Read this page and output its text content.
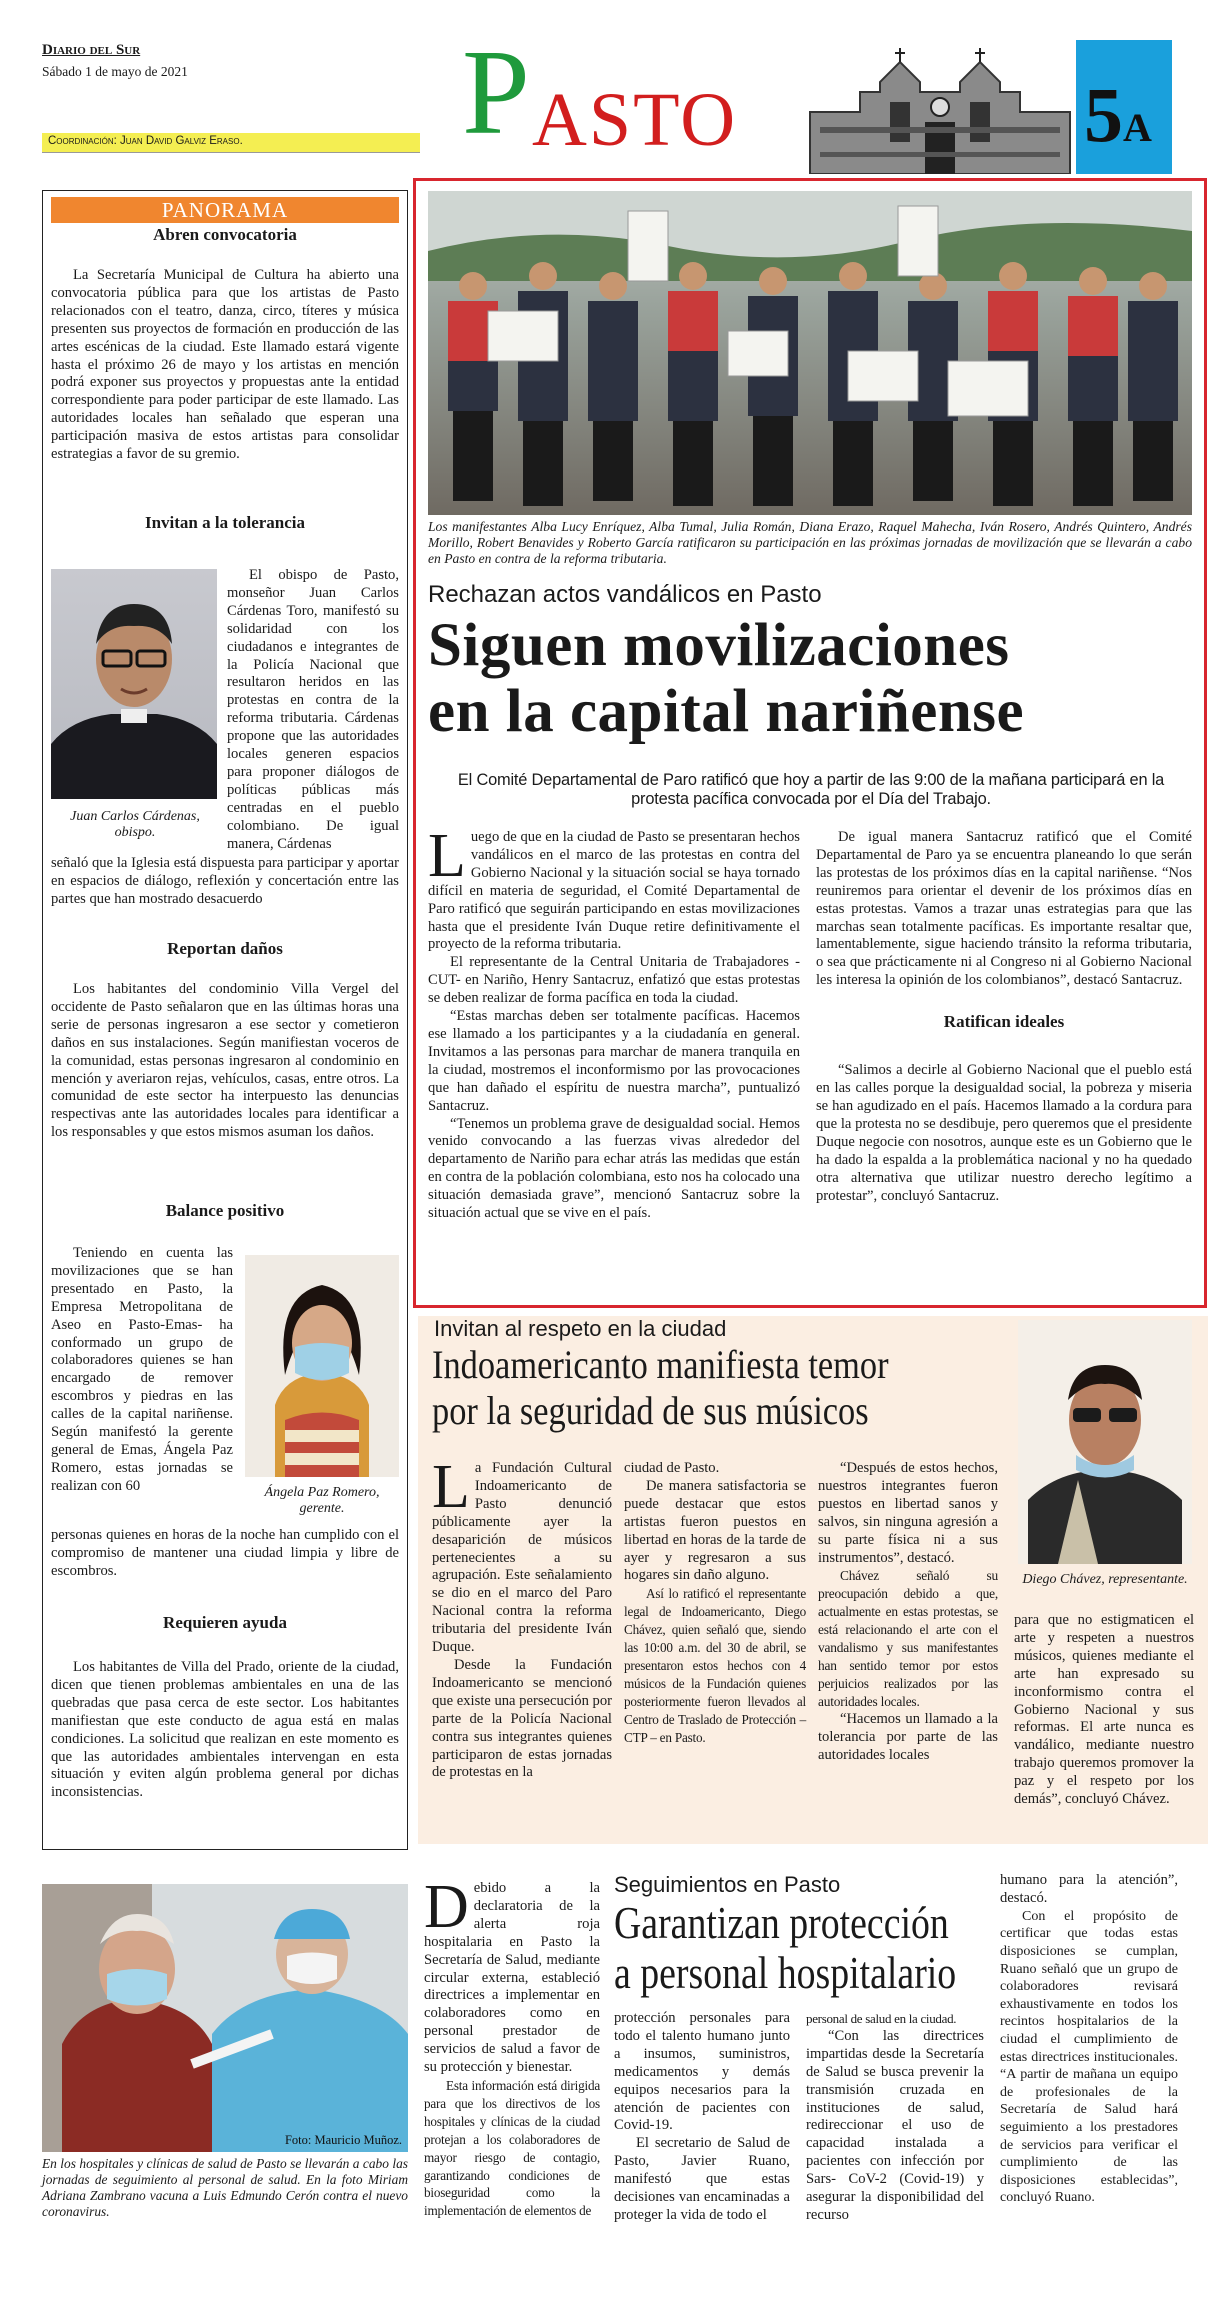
Diario del Sur
Sábado 1 de mayo de 2021
Coordinación: Juan David Galviz Eraso. P ASTO	5A
PANORAMA
Abren convocatoria

La Secretaría Municipal de Cultura ha abierto una convocatoria pública para que los artistas de Pasto relacionados con el teatro, danza, circo, títeres y música presenten sus proyectos de formación en producción de las artes escénicas de la ciudad. Este llamado estará vigente hasta el próximo 26 de mayo y los artistas en mención podrá exponer sus proyectos y propuestas ante la entidad correspondiente para poder participar de este llamado. Las autoridades locales han señalado que esperan una participación masiva de estos artistas para consolidar estrategias a favor de su gremio.

Invitan a la tolerancia
Juan Carlos Cárdenas, obispo.

El obispo de Pasto, monseñor Juan Carlos Cárdenas Toro, manifestó su solidaridad con los ciudadanos e integrantes de la Policía Nacional que resultaron heridos en las protestas en contra de la reforma tributaria. Cárdenas propone que las autoridades locales generen espacios para proponer diálogos de políticas públicas más centradas en el pueblo colombiano. De igual manera, Cárdenas

señaló que la Iglesia está dispuesta para participar y aportar en espacios de diálogo, reflexión y concertación entre las partes que han mostrado desacuerdo

Reportan daños

Los habitantes del condominio Villa Vergel del occidente de Pasto señalaron que en las últimas horas una serie de personas ingresaron a ese sector y cometieron daños en sus instalaciones. Según manifiestan voceros de la comunidad, estas personas ingresaron al condominio en mención y averiaron rejas, vehículos, casas, entre otros. La comunidad de este sector ha interpuesto las denuncias respectivas ante las autoridades locales para identificar a los responsables y que estos mismos asuman los daños.

Balance positivo

Teniendo en cuenta las movilizaciones que se han presentado en Pasto, la Empresa Metropolitana de Aseo en Pasto-Emas- ha conformado un grupo de colaboradores quienes se han encargado de remover escombros y piedras en las calles de la capital nariñense. Según manifestó la gerente general de Emas, Ángela Paz Romero, estas jornadas se realizan con 60	Ángela Paz Romero, gerente.

personas quienes en horas de la noche han cumplido con el compromiso de mantener una ciudad limpia y libre de escombros.

Requieren ayuda

Los habitantes de Villa del Prado, oriente de la ciudad, dicen que tienen problemas ambientales en una de las quebradas que pasa cerca de este sector. Los habitantes manifiestan que este conducto de agua está en malas condiciones. La solicitud que realizan en este momento es que las autoridades ambientales intervengan en esta situación y eviten algún problema general por dichas inconsistencias.

Los manifestantes Alba Lucy Enríquez, Alba Tumal, Julia Román, Diana Erazo, Raquel Mahecha, Iván Rosero, Andrés Quintero, Andrés Morillo, Robert Benavides y Roberto García ratificaron su participación en las próximas jornadas de movilización que se llevarán a cabo en Pasto en contra de la reforma tributaria.
Rechazan actos vandálicos en Pasto
Siguen movilizaciones
en la capital nariñense
El Comité Departamental de Paro ratificó que hoy a partir de las 9:00 de la mañana participará en la protesta pacífica convocada por el Día del Trabajo.

Luego de que en la ciudad de Pasto se presentaran hechos vandálicos en el marco de las protestas en contra del Gobierno Nacional y la situación social se haya tornado difícil en materia de seguridad, el Comité Departamental de Paro ratificó que seguirán participando en estas movilizaciones hasta que el presidente Iván Duque retire definitivamente el proyecto de la reforma tributaria.

El representante de la Central Unitaria de Trabajadores -CUT- en Nariño, Henry Santacruz, enfatizó que estas protestas se deben realizar de forma pacífica en toda la ciudad.

“Estas marchas deben ser totalmente pacíficas. Hacemos ese llamado a los participantes y a la ciudadanía en general. Invitamos a las personas para marchar de manera tranquila en la ciudad, mostremos el inconformismo por las provocaciones que han dañado el espíritu de nuestra marcha”, puntualizó Santacruz.

“Tenemos un problema grave de desigualdad social. Hemos venido convocando a las fuerzas vivas alrededor del departamento de Nariño para echar atrás las medidas que están en contra de la población colombiana, esto nos ha colocado una situación demasiada grave”, mencionó Santacruz sobre la situación actual que se vive en el país.

De igual manera Santacruz ratificó que el Comité Departamental de Paro ya se encuentra planeando lo que serán las protestas de los próximos días en la capital nariñense. “Nos reuniremos para orientar el devenir de los próximos días en estas protestas. Vamos a trazar unas estrategias para que las marchas sean totalmente pacíficas. Es importante resaltar que, lamentablemente, sigue haciendo tránsito la reforma tributaria, o sea que prácticamente ni al Congreso ni al Gobierno Nacional les interesa la opinión de los colombianos”, destacó Santacruz.

Ratifican ideales

“Salimos a decirle al Gobierno Nacional que el pueblo está en las calles porque la desigualdad social, la pobreza y miseria se han agudizado en el país. Hacemos llamado a la cordura para que la protesta no se desdibuje, pero queremos que el presidente Duque negocie con nosotros, aunque este es un Gobierno que le ha dado la espalda a la problemática nacional y no ha quedado otra alternativa que utilizar nuestro derecho legítimo a protestar”, concluyó Santacruz.

Invitan al respeto en la ciudad
Indoamericanto manifiesta temor
por la seguridad de sus músicos

La Fundación Cultural Indoamericanto de Pasto denunció públicamente ayer la desaparición de músicos pertenecientes a su agrupación. Este señalamiento se dio en el marco del Paro Nacional contra la reforma tributaria del presidente Iván Duque.

Desde la Fundación Indoamericanto se mencionó que existe una persecución por parte de la Policía Nacional contra sus integrantes quienes participaron de estas jornadas de protestas en la

ciudad de Pasto.

De manera satisfactoria se puede destacar que estos artistas fueron puestos en libertad en horas de la tarde de ayer y regresaron a sus hogares sin daño alguno.

Así lo ratificó el representante legal de Indoamericanto, Diego Chávez, quien señaló que, siendo las 10:00 a.m. del 30 de abril, se presentaron estos hechos con 4 músicos de la Fundación quienes posteriormente fueron llevados al Centro de Traslado de Protección – CTP – en Pasto.

“Después de estos hechos, nuestros integrantes fueron puestos en libertad sanos y salvos, sin ninguna agresión a su parte física ni a sus instrumentos”, destacó.

Chávez señaló su preocupación debido a que, actualmente en estas protestas, se está relacionando el arte con el vandalismo y sus manifestantes han sentido temor por estos perjuicios realizados por las autoridades locales.

“Hacemos un llamado a la tolerancia por parte de las autoridades locales

Diego Chávez, representante.

para que no estigmaticen el arte y respeten a nuestros músicos, quienes mediante el arte han expresado su inconformismo contra el Gobierno Nacional y sus reformas. El arte nunca es vandálico, mediante nuestro trabajo queremos promover la paz y el respeto por los demás”, concluyó Chávez.

Foto: Mauricio Muñoz.
En los hospitales y clínicas de salud de Pasto se llevarán a cabo las jornadas de seguimiento al personal de salud. En la foto Miriam Adriana Zambrano vacuna a Luis Edmundo Cerón contra el nuevo coronavirus.

Debido a la declaratoria de la alerta roja hospitalaria en Pasto la Secretaría de Salud, mediante circular externa, estableció directrices a implementar en colaboradores como en personal prestador de servicios de salud a favor de su protección y bienestar.

Esta información está dirigida para que los directivos de los hospitales y clínicas de la ciudad protejan a los colaboradores de mayor riesgo de contagio, garantizando condiciones de bioseguridad como la implementación de elementos de

Seguimientos en Pasto
Garantizan protección
a personal hospitalario

protección personales para todo el talento humano junto a insumos, suministros, medicamentos y demás equipos necesarios para la atención de pacientes con Covid-19.

El secretario de Salud de Pasto, Javier Ruano, manifestó que estas decisiones van encaminadas a proteger la vida de todo el

personal de salud en la ciudad.

“Con las directrices impartidas desde la Secretaría de Salud se busca prevenir la transmisión cruzada en instituciones de salud, redireccionar el uso de capacidad instalada a pacientes con infección por Sars- CoV-2 (Covid-19) y asegurar la disponibilidad del recurso

humano para la atención”, destacó.

Con el propósito de certificar que todas estas disposiciones se cumplan, Ruano señaló que un grupo de colaboradores revisará exhaustivamente en todos los recintos hospitalarios de la ciudad el cumplimiento de estas directrices institucionales. “A partir de mañana un equipo de profesionales de la Secretaría de Salud hará seguimiento a los prestadores de servicios para verificar el cumplimiento de las disposiciones establecidas”, concluyó Ruano.
